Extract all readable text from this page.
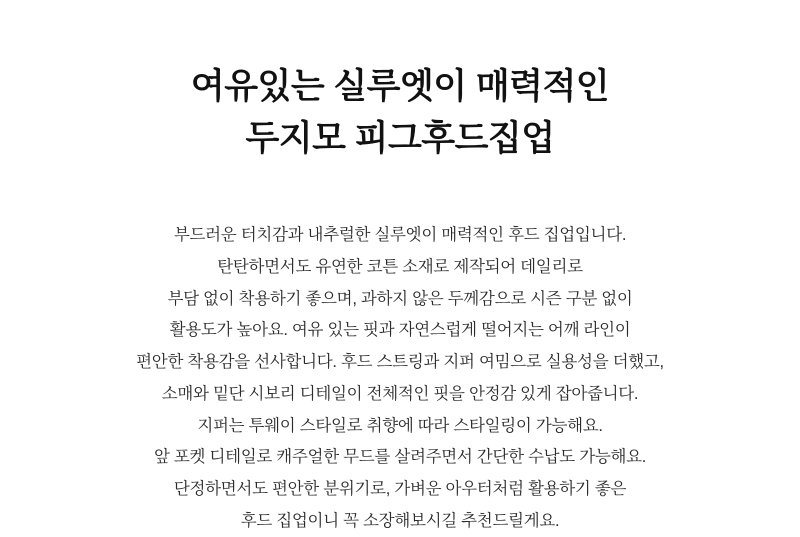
여유있는 실루엣이 매력적인
두지모 피그후드집업
부드러운 터치감과 내추럴한 실루엣이 매력적인 후드 집업입니다.
탄탄하면서도 유연한 코튼 소재로 제작되어 데일리로
부담 없이 착용하기 좋으며, 과하지 않은 두께감으로 시즌 구분 없이
활용도가 높아요. 여유 있는 핏과 자연스럽게 떨어지는 어깨 라인이
편안한 착용감을 선사합니다. 후드 스트링과 지퍼 여밈으로 실용성을 더했고,
소매와 밑단 시보리 디테일이 전체적인 핏을 안정감 있게 잡아줍니다.
지퍼는 투웨이 스타일로 취향에 따라 스타일링이 가능해요.
앞 포켓 디테일로 캐주얼한 무드를 살려주면서 간단한 수납도 가능해요.
단정하면서도 편안한 분위기로, 가벼운 아우터처럼 활용하기 좋은
후드 집업이니 꼭 소장해보시길 추천드릴게요.
